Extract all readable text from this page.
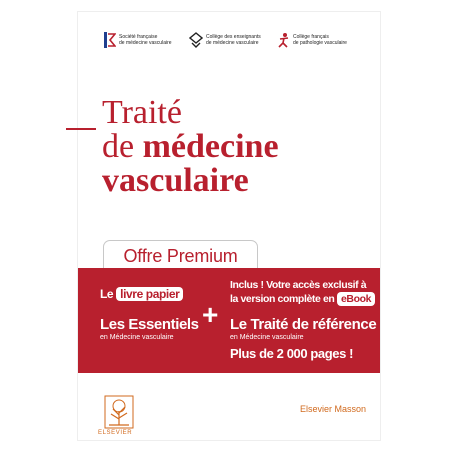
Société française
de médecine vasculaire
Collège des enseignants
de médecine vasculaire
Collège français
de pathologie vasculaire
Traité
de médecine
vasculaire
Offre Premium
Le livre papier
Les Essentiels
en Médecine vasculaire
+
Inclus ! Votre accès exclusif à
la version complète en eBook
Le Traité de référence
en Médecine vasculaire
Plus de 2 000 pages !
ELSEVIER
Elsevier Masson
